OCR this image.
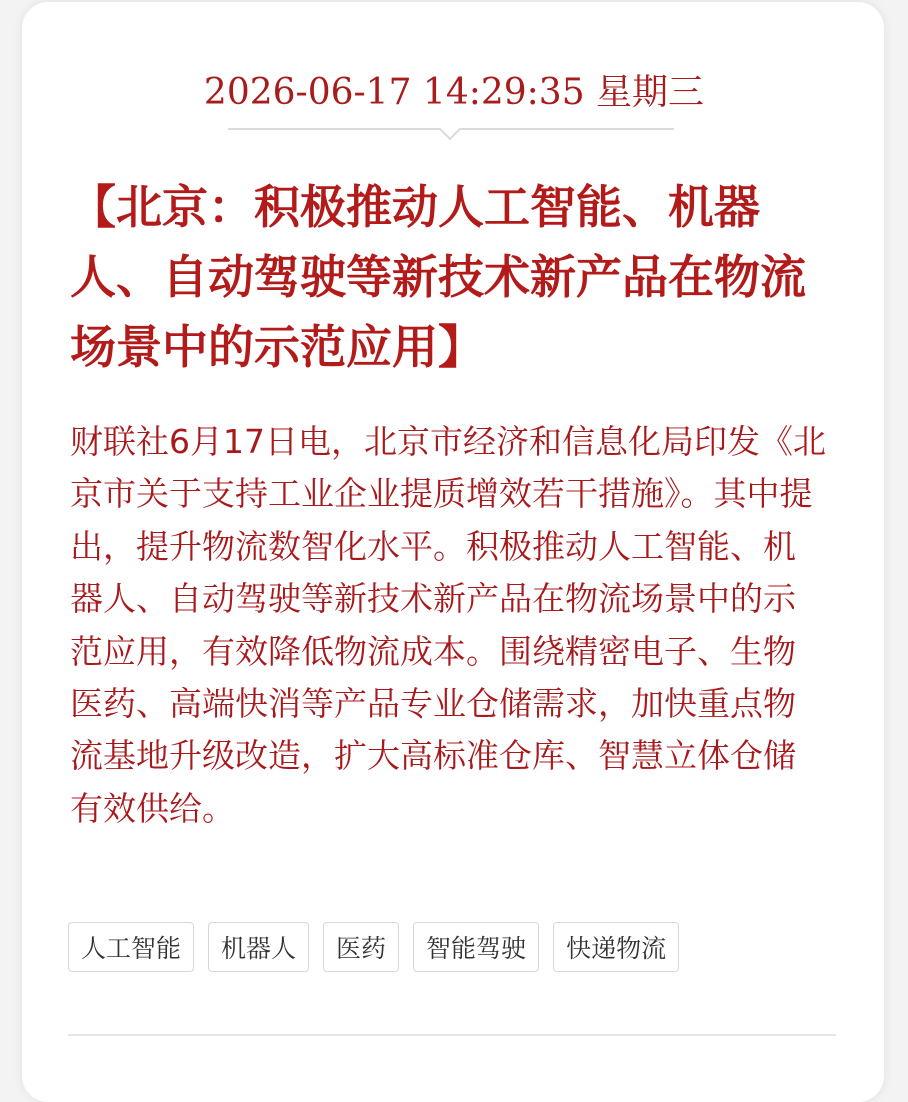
2026-06-17 14:29:35 星期三
【北京：积极推动人工智能、机器人、自动驾驶等新技术新产品在物流场景中的示范应用】

财联社6月17日电，北京市经济和信息化局印发《北京市关于支持工业企业提质增效若干措施》。其中提出，提升物流数智化水平。积极推动人工智能、机器人、自动驾驶等新技术新产品在物流场景中的示范应用，有效降低物流成本。围绕精密电子、生物医药、高端快消等产品专业仓储需求，加快重点物流基地升级改造，扩大高标准仓库、智慧立体仓储有效供给。

人工智能	机器人	医药	智能驾驶	快递物流
